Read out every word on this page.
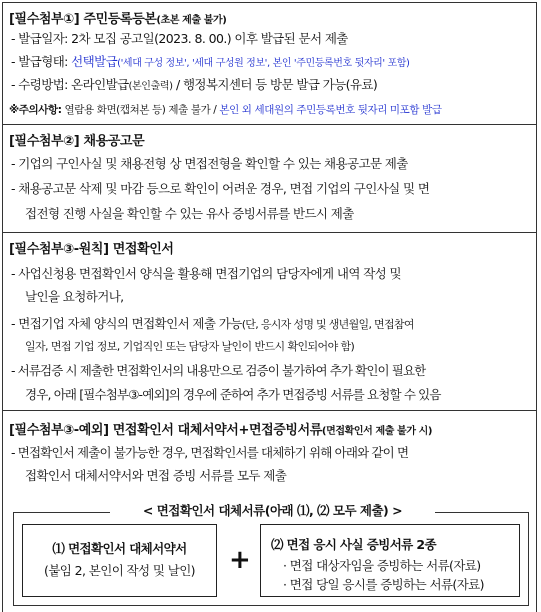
[필수첨부①] 주민등록등본(초본 제출 불가)
- 발급일자: 2차 모집 공고일(2023. 8. 00.) 이후 발급된 문서 제출
- 발급형태: 선택발급('세대 구성 정보', '세대 구성원 정보', 본인 '주민등록번호 뒷자리' 포함)
- 수령방법: 온라인발급(본인출력) / 행정복지센터 등 방문 발급 가능(유료)
※주의사항: 열람용 화면(캡쳐본 등) 제출 불가 / 본인 외 세대원의 주민등록번호 뒷자리 미포함 발급
[필수첨부②] 채용공고문
- 기업의 구인사실 및 채용전형 상 면접전형을 확인할 수 있는 채용공고문 제출
- 채용공고문 삭제 및 마감 등으로 확인이 어려운 경우, 면접 기업의 구인사실 및 면
접전형 진행 사실을 확인할 수 있는 유사 증빙서류를 반드시 제출
[필수첨부③-원칙] 면접확인서
- 사업신청용 면접확인서 양식을 활용해 면접기업의 담당자에게 내역 작성 및
날인을 요청하거나,
- 면접기업 자체 양식의 면접확인서 제출 가능(단, 응시자 성명 및 생년월일, 면접참여
일자, 면접 기업 정보, 기업직인 또는 담당자 날인이 반드시 확인되어야 함)
- 서류검증 시 제출한 면접확인서의 내용만으로 검증이 불가하여 추가 확인이 필요한
경우, 아래 [필수첨부③-예외]의 경우에 준하여 추가 면접증빙 서류를 요청할 수 있음
[필수첨부③-예외] 면접확인서 대체서약서+면접증빙서류(면접확인서 제출 불가 시)
- 면접확인서 제출이 불가능한 경우, 면접확인서를 대체하기 위해 아래와 같이 면
접확인서 대체서약서와 면접 증빙 서류를 모두 제출
< 면접확인서 대체서류(아래 ⑴, ⑵ 모두 제출) >
⑴ 면접확인서 대체서약서
(붙임 2, 본인이 작성 및 날인)	+
⑵ 면접 응시 사실 증빙서류 2종
· 면접 대상자임을 증빙하는 서류(자료)
· 면접 당일 응시를 증빙하는 서류(자료)
